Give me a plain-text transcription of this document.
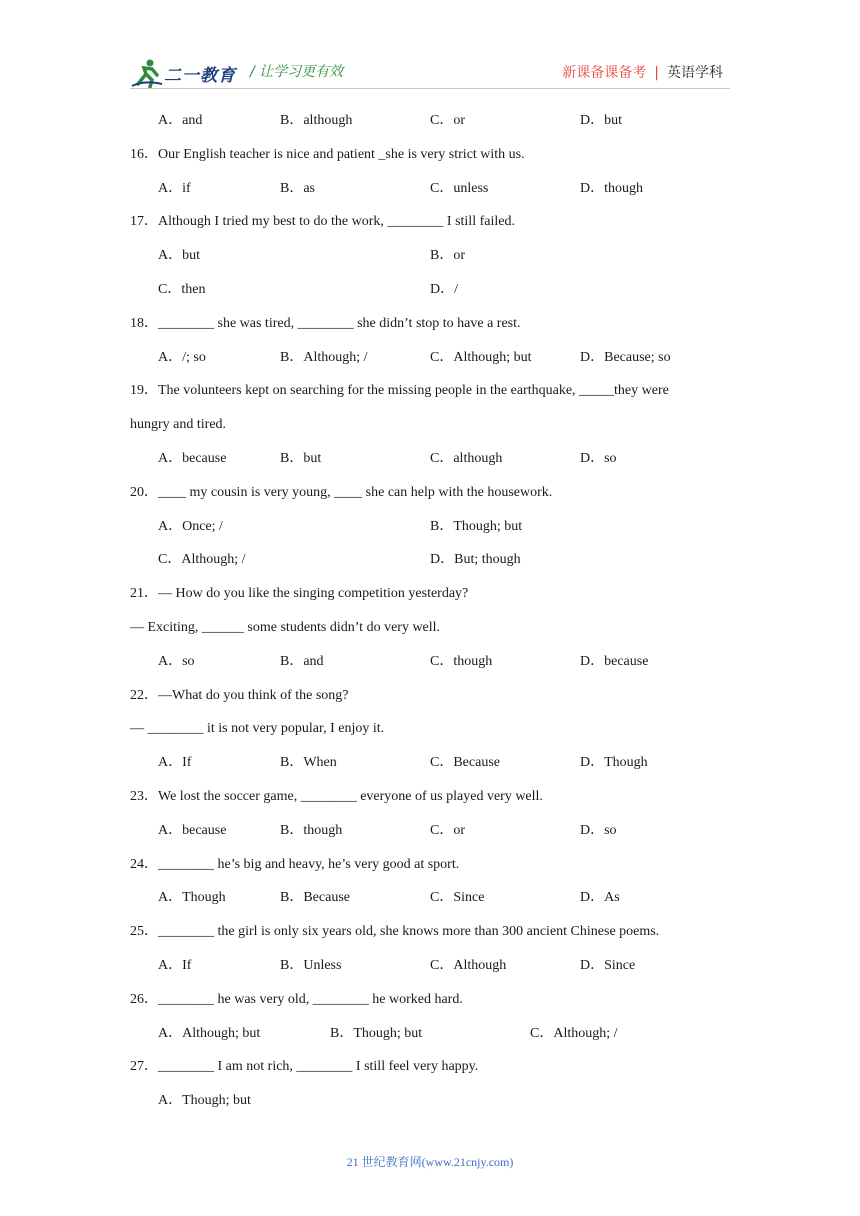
二一教育 / 让学习更有效	新课备课备考 | 英语学科
A．and	B．although	C．or	D．but
16．Our English teacher is nice and patient _she is very strict with us.
A．if	B．as	C．unless	D．though
17．Although I tried my best to do the work, ________ I still failed.
A．but	B．or
C．then	D．/
18．________ she was tired, ________ she didn’t stop to have a rest.
A．/; so	B．Although; /	C．Although; but	D．Because; so
19．The volunteers kept on searching for the missing people in the earthquake, _____they were
hungry and tired.
A．because	B．but	C．although	D．so
20．____ my cousin is very young, ____ she can help with the housework.
A．Once; /	B．Though; but
C．Although; /	D．But; though
21．— How do you like the singing competition yesterday?
— Exciting, ______ some students didn’t do very well.
A．so	B．and	C．though	D．because
22．—What do you think of the song?
— ________ it is not very popular, I enjoy it.
A．If	B．When	C．Because	D．Though
23．We lost the soccer game, ________ everyone of us played very well.
A．because	B．though	C．or	D．so
24．________ he’s big and heavy, he’s very good at sport.
A．Though	B．Because	C．Since	D．As
25．________ the girl is only six years old, she knows more than 300 ancient Chinese poems.
A．If	B．Unless	C．Although	D．Since
26．________ he was very old, ________ he worked hard.
A．Although; but	B．Though; but	C．Although; /
27．________ I am not rich, ________ I still feel very happy.
A．Though; but
21 世纪教育网(www.21cnjy.com)
